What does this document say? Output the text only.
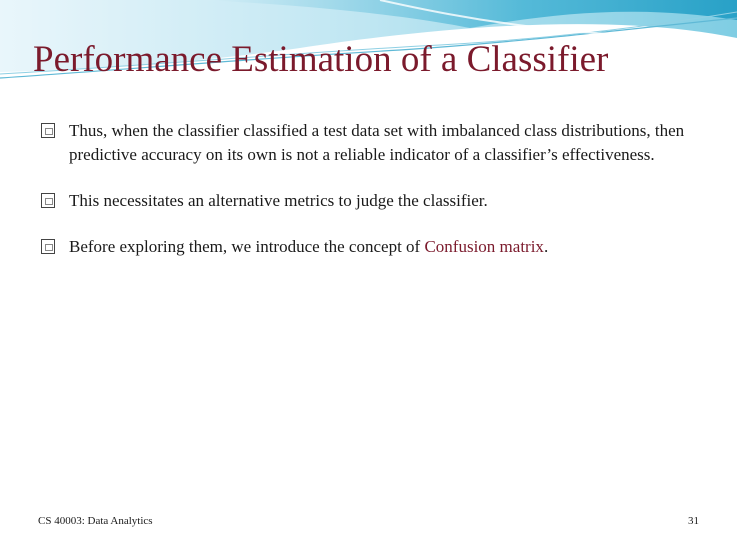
Performance Estimation of a Classifier
Thus, when the classifier classified a test data set with imbalanced class distributions, then predictive accuracy on its own is not a reliable indicator of a classifier’s effectiveness.
This necessitates an alternative metrics to judge the classifier.
Before exploring them, we introduce the concept of Confusion matrix.
CS 40003: Data Analytics	31
